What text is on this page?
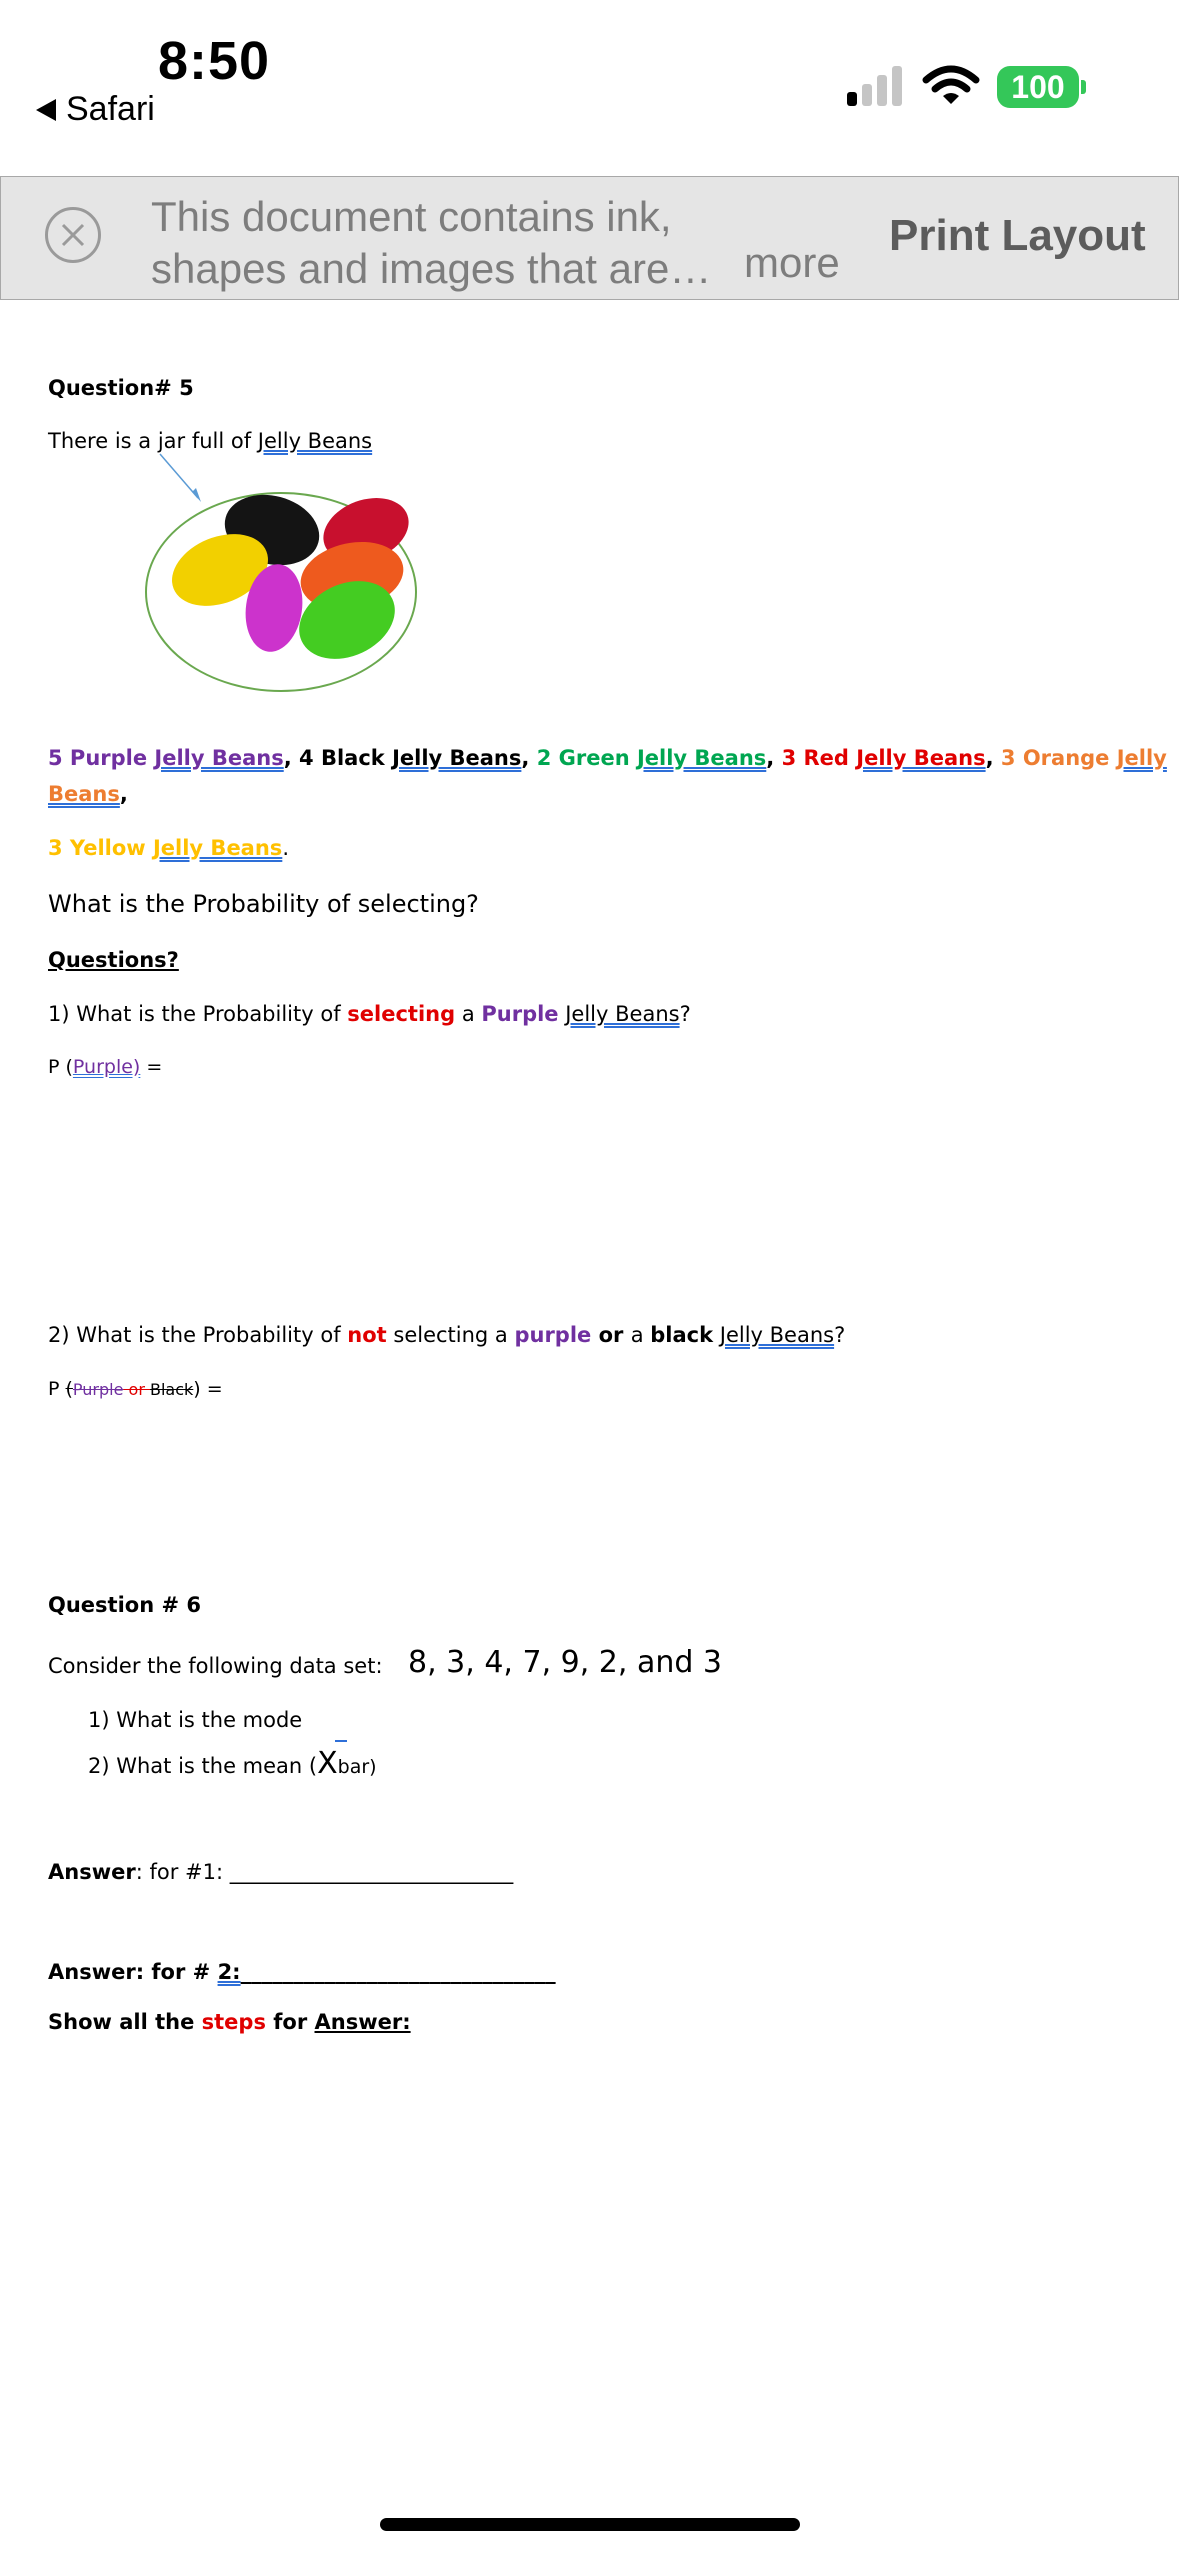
8:50
Safari
100
This document contains ink, shapes and images that are… more
Print Layout
Question# 5
There is a jar full of Jelly Beans
5 Purple Jelly Beans, 4 Black Jelly Beans, 2 Green Jelly Beans, 3 Red Jelly Beans, 3 Orange Jelly
Beans,
3 Yellow Jelly Beans.
What is the Probability of selecting?
Questions?
1) What is the Probability of selecting a Purple Jelly Beans?
P (Purple) =
2) What is the Probability of not selecting a purple or a black Jelly Beans?
P (Purple or Black) =
Question # 6
Consider the following data set: 8, 3, 4, 7, 9, 2, and 3
1) What is the mode
2) What is the mean (
Xbar)
Answer: for #1: ___________________________
Answer: for # 2:______________________________
Show all the steps for Answer:
